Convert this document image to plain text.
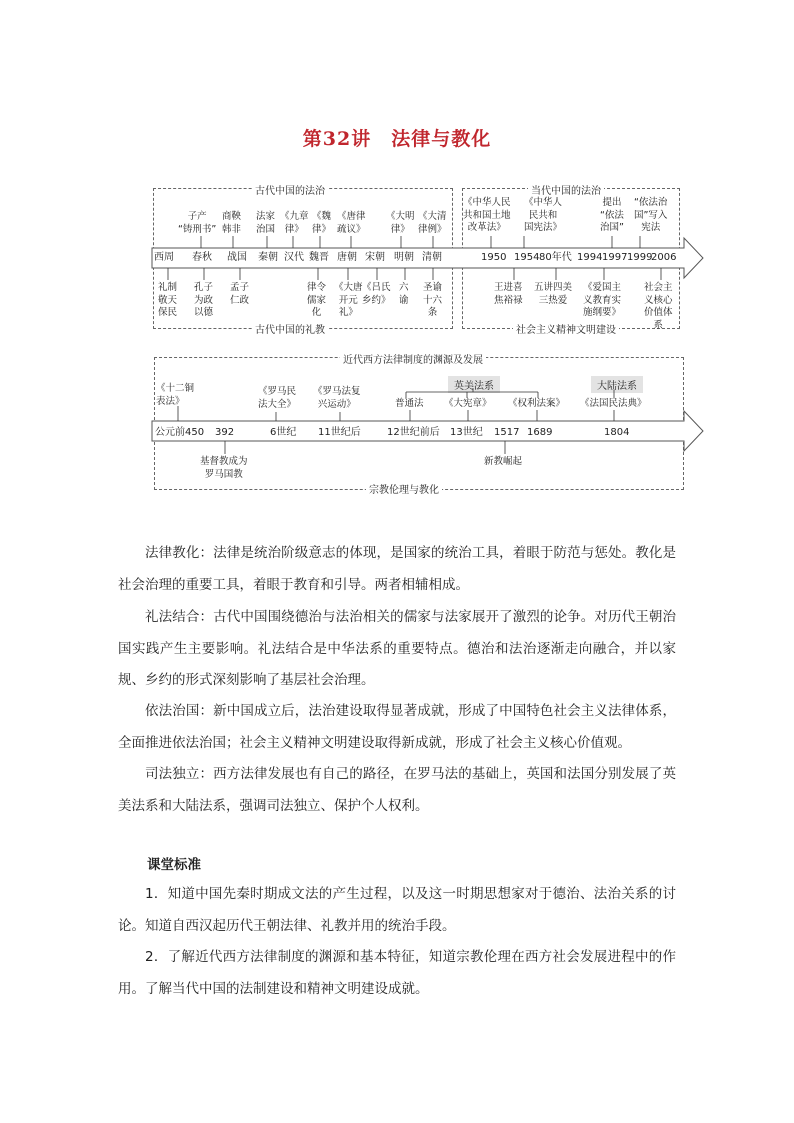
第32讲　法律与教化
古代中国的法治
古代中国的礼教
当代中国的法治
社会主义精神文明建设
近代西方法律制度的渊源及发展
宗教伦理与教化
英美法系	大陆法系
西周 春秋 战国 秦朝 汉代 魏晋 唐朝 宋朝 明朝 清朝
子产
“铸刑书”
商鞅
韩非
法家
治国
《九章
律》
《魏
律》
《唐律
疏议》
《大明
律》
《大清
律例》
礼制
敬天
保民
孔子
为政
以德
孟子
仁政
律令
儒家
化
《大唐
开元
礼》
《吕氏
乡约》
六
谕
圣谕
十六
条
1950 1954 80年代 1994 1997 1999
2006
《中华人民
共和国土地
改革法》
《中华人
民共和
国宪法》
提出
“依法
治国”
“依法治
国”写入
宪法
王进喜
焦裕禄
五讲四美
三热爱
《爱国主
义教育实
施纲要》
社会主
义核心
价值体
系
公元前450 392	6世纪 11世纪后	12世纪前后 13世纪 1517 1689	1804
《十二铜
表法》
《罗马民
法大全》
《罗马法复
兴运动》	普通法 《大宪章》 《权利法案》 《法国民法典》
基督教成为
罗马国教
新教崛起
法律教化：法律是统治阶级意志的体现，是国家的统治工具，着眼于防范与惩处。教化是社会治理的重要工具，着眼于教育和引导。两者相辅相成。
礼法结合：古代中国围绕德治与法治相关的儒家与法家展开了激烈的论争。对历代王朝治国实践产生主要影响。礼法结合是中华法系的重要特点。德治和法治逐渐走向融合，并以家规、乡约的形式深刻影响了基层社会治理。
依法治国：新中国成立后，法治建设取得显著成就，形成了中国特色社会主义法律体系，全面推进依法治国；社会主义精神文明建设取得新成就，形成了社会主义核心价值观。
司法独立：西方法律发展也有自己的路径，在罗马法的基础上，英国和法国分别发展了英美法系和大陆法系，强调司法独立、保护个人权利。
课堂标准
1．知道中国先秦时期成文法的产生过程，以及这一时期思想家对于德治、法治关系的讨论。知道自西汉起历代王朝法律、礼教并用的统治手段。
2．了解近代西方法律制度的渊源和基本特征，知道宗教伦理在西方社会发展进程中的作用。了解当代中国的法制建设和精神文明建设成就。
